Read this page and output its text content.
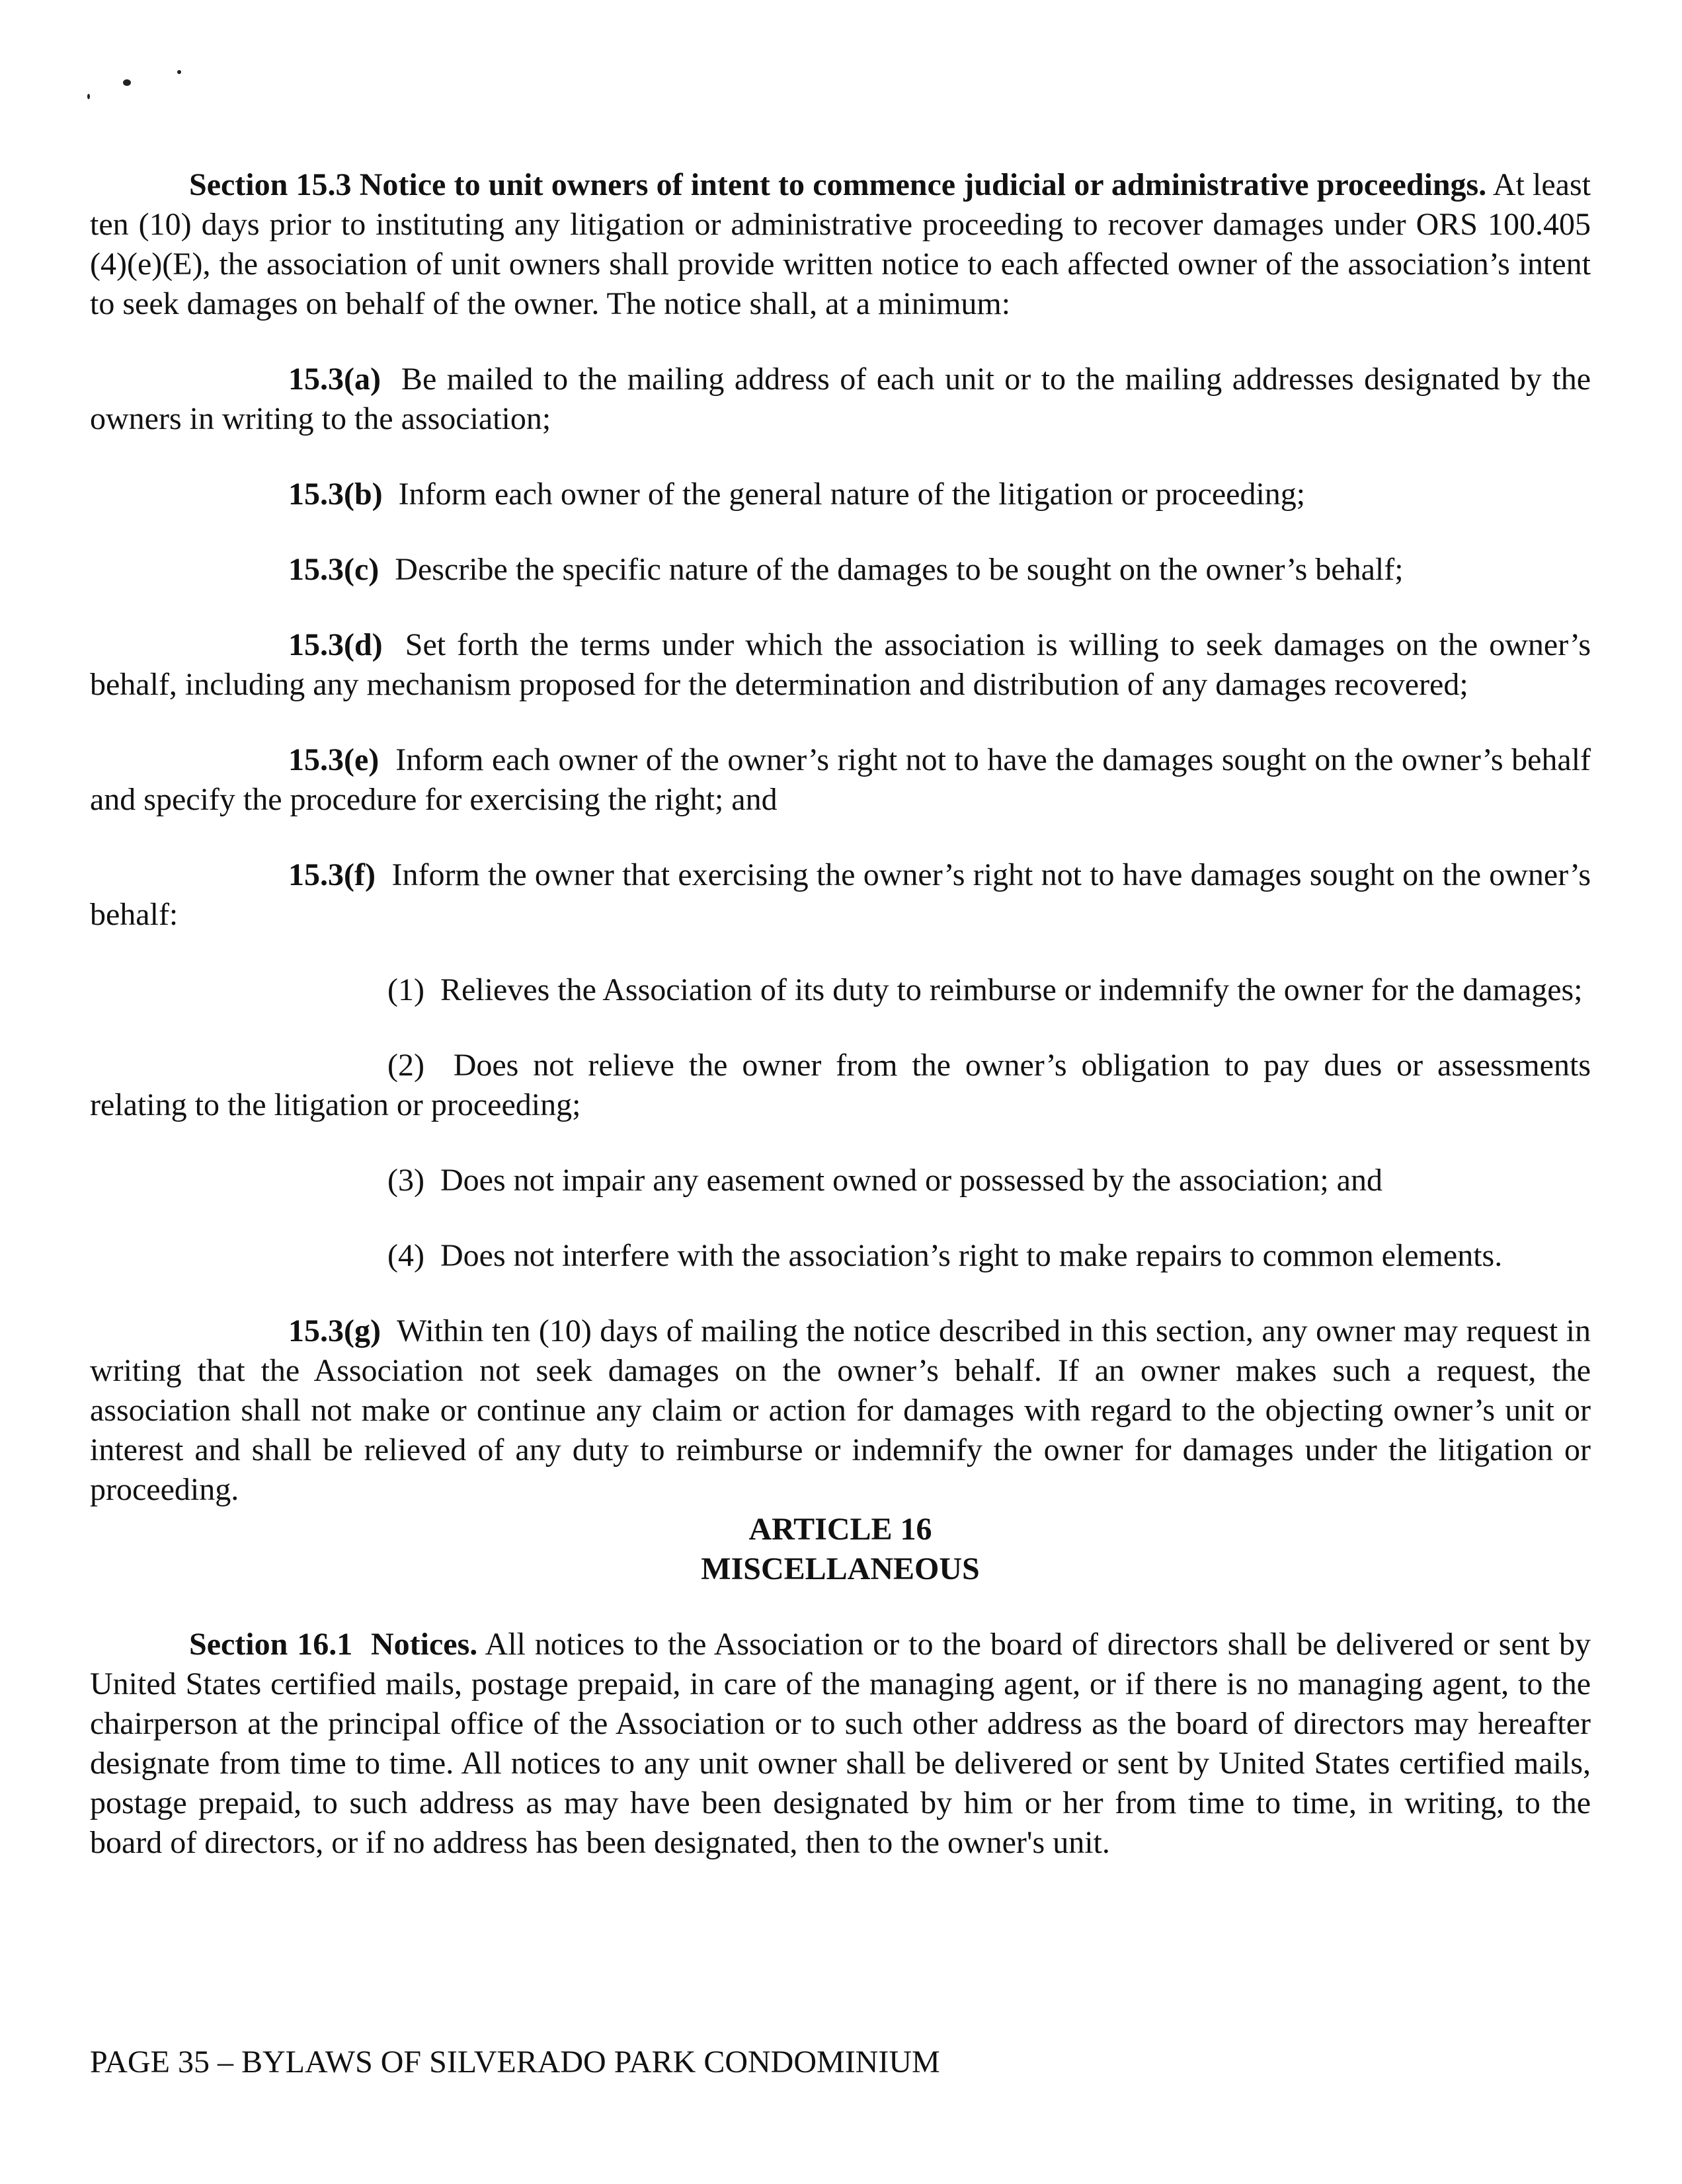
Section 15.3 Notice to unit owners of intent to commence judicial or administrative proceedings. At least ten (10) days prior to instituting any litigation or administrative proceeding to recover damages under ORS 100.405 (4)(e)(E), the association of unit owners shall provide written notice to each affected owner of the association’s intent to seek damages on behalf of the owner. The notice shall, at a minimum:

15.3(a) Be mailed to the mailing address of each unit or to the mailing addresses designated by the owners in writing to the association;

15.3(b) Inform each owner of the general nature of the litigation or proceeding;

15.3(c) Describe the specific nature of the damages to be sought on the owner’s behalf;

15.3(d) Set forth the terms under which the association is willing to seek damages on the owner’s behalf, including any mechanism proposed for the determination and distribution of any damages recovered;

15.3(e) Inform each owner of the owner’s right not to have the damages sought on the owner’s behalf and specify the procedure for exercising the right; and

15.3(f) Inform the owner that exercising the owner’s right not to have damages sought on the owner’s behalf:

(1) Relieves the Association of its duty to reimburse or indemnify the owner for the damages;

(2) Does not relieve the owner from the owner’s obligation to pay dues or assessments relating to the litigation or proceeding;

(3) Does not impair any easement owned or possessed by the association; and

(4) Does not interfere with the association’s right to make repairs to common elements.

15.3(g) Within ten (10) days of mailing the notice described in this section, any owner may request in writing that the Association not seek damages on the owner’s behalf. If an owner makes such a request, the association shall not make or continue any claim or action for damages with regard to the objecting owner’s unit or interest and shall be relieved of any duty to reimburse or indemnify the owner for damages under the litigation or proceeding.

ARTICLE 16

MISCELLANEOUS

Section 16.1 Notices. All notices to the Association or to the board of directors shall be delivered or sent by United States certified mails, postage prepaid, in care of the managing agent, or if there is no managing agent, to the chairperson at the principal office of the Association or to such other address as the board of directors may hereafter designate from time to time. All notices to any unit owner shall be delivered or sent by United States certified mails, postage prepaid, to such address as may have been designated by him or her from time to time, in writing, to the board of directors, or if no address has been designated, then to the owner's unit.

PAGE 35 – BYLAWS OF SILVERADO PARK CONDOMINIUM
